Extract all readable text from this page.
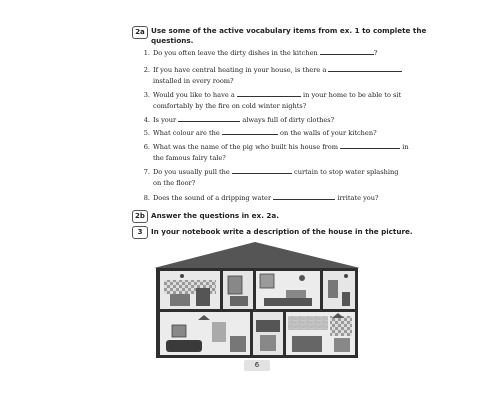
2a Use some of the active vocabulary items from ex. 1 to complete the
questions.
1. Do you often leave the dirty dishes in the kitchen	?
2. If you have central heating in your house, is there a
installed in every room?
3. Would you like to have a	in your home to be able to sit
comfortably by the fire on cold winter nights?
4. Is your	always full of dirty clothes?
5. What colour are the	on the walls of your kitchen?
6. What was the name of the pig who built his house from	in
the famous fairy tale?
7. Do you usually pull the	curtain to stop water splashing
on the floor?
8. Does the sound of a dripping water	irritate you?
2b Answer the questions in ex. 2a.
3	In your notebook write a description of the house in the picture.
6
